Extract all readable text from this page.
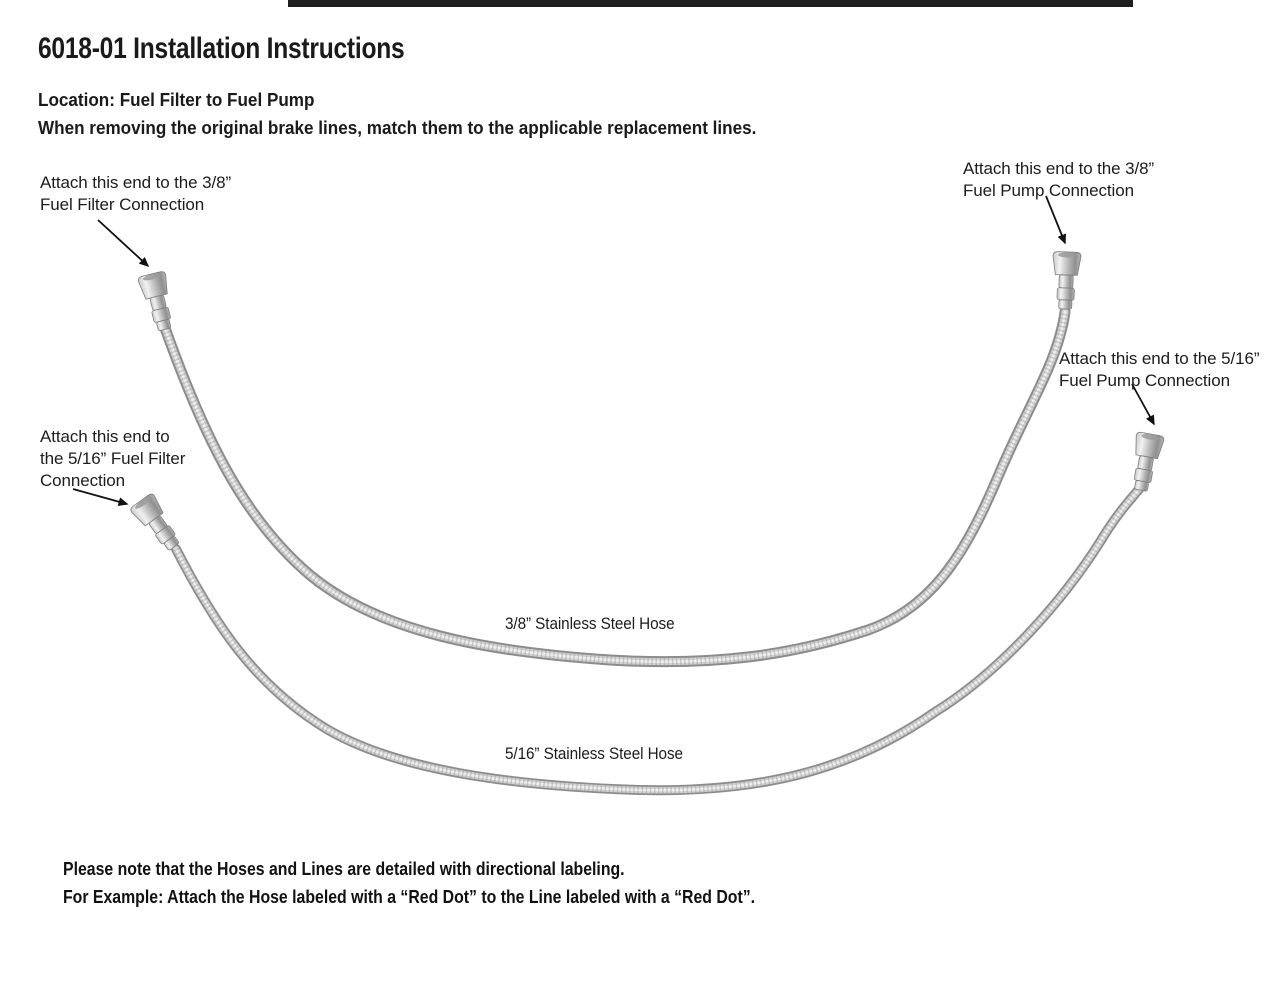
6018-01 Installation Instructions
Location: Fuel Filter to Fuel Pump
When removing the original brake lines, match them to the applicable replacement lines.
Attach this end to the 3/8”
Fuel Filter Connection
Attach this end to the 3/8”
Fuel Pump Connection
Attach this end to the 5/16”
Fuel Pump Connection
Attach this end to
the 5/16” Fuel Filter
Connection
3/8” Stainless Steel Hose
5/16” Stainless Steel Hose
Please note that the Hoses and Lines are detailed with directional labeling.
For Example: Attach the Hose labeled with a “Red Dot” to the Line labeled with a “Red Dot”.
